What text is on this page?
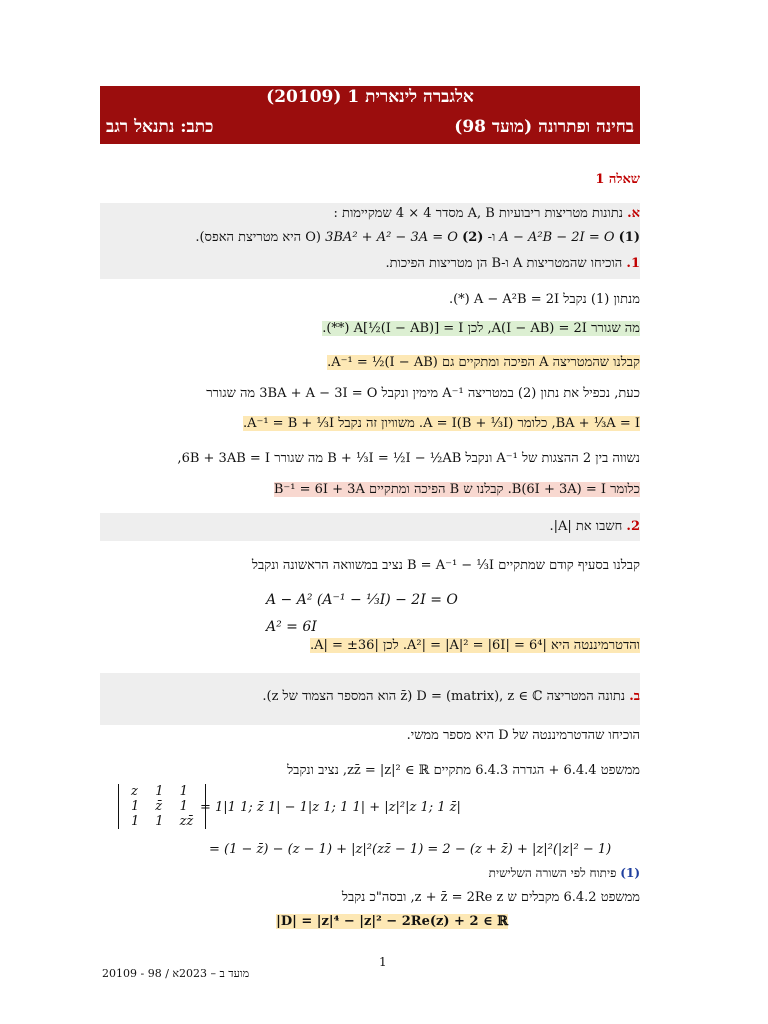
אלגברה לינארית 1 (20109)
כתב: נתנאל רגב	בחינה ופתרונה (מועד 98)
שאלה 1
א. נתונות מטריצות ריבועיות A, B מסדר 4 × 4 שמקיימות :
(1) A − A²B − 2I = O ו- (2) 3BA² + A² − 3A = O (O היא מטריצת האפס).
1. הוכיחו שהמטריצות A ו-B הן מטריצות הפיכות.
מנתון (1) נקבל A − A²B = 2I (*).
מה שגורר A(I − AB) = 2I, לכן A[½(I − AB)] = I (**).
קבלנו שהמטריצה A הפיכה ומתקיים גם A⁻¹ = ½(I − AB).
כעת, נכפיל את נתון (2) במטריצה A⁻¹ מימין ונקבל 3BA + A − 3I = O מה שגורר
BA + ⅓A = I, כלומר (B + ⅓I)A = I. משוויון זה נקבל A⁻¹ = B + ⅓I.
נשווה בין 2 ההצגות של A⁻¹ ונקבל B + ⅓I = ½I − ½AB מה שגורר 6B + 3AB = I,
כלומר B(6I + 3A) = I. קבלנו ש B הפיכה ומתקיים B⁻¹ = 6I + 3A
2. חשבו את |A|.
קבלנו בסעיף קודם שמתקיים B = A⁻¹ − ⅓I נציב במשוואה הראשונה ונקבל
A − A² (A⁻¹ − ⅓I) − 2I = O
A² = 6I
והדטרמיננטה היא |A²| = |A|² = |6I| = 6⁴. לכן |A| = ±36.
ב. נתונה המטריצה D = (matrix), z ∈ ℂ (z̄ הוא המספר הצמוד של z).
הוכיחו שהדטרמיננטה של D היא מספר ממשי.
ממשפט 6.4.4 + הגדרה 6.4.3 מתקיים zz̄ = |z|² ∈ ℝ, נציב ונקבל
z	1	1
1	z̄	1
1	1	zz̄
= 1|1 1; z̄ 1| − 1|z 1; 1 1| + |z|²|z 1; 1 z̄|
= (1 − z̄) − (z − 1) + |z|²(zz̄ − 1) = 2 − (z + z̄) + |z|²(|z|² − 1)
(1) פיתוח לפי השורה השלישית
ממשפט 6.4.2 מקבלים ש z + z̄ = 2Re z, ובסה"כ נקבל
|D| = |z|⁴ − |z|² − 2Re(z) + 2 ∈ ℝ
1
20109 - 98 / מועד ב – 2023א
